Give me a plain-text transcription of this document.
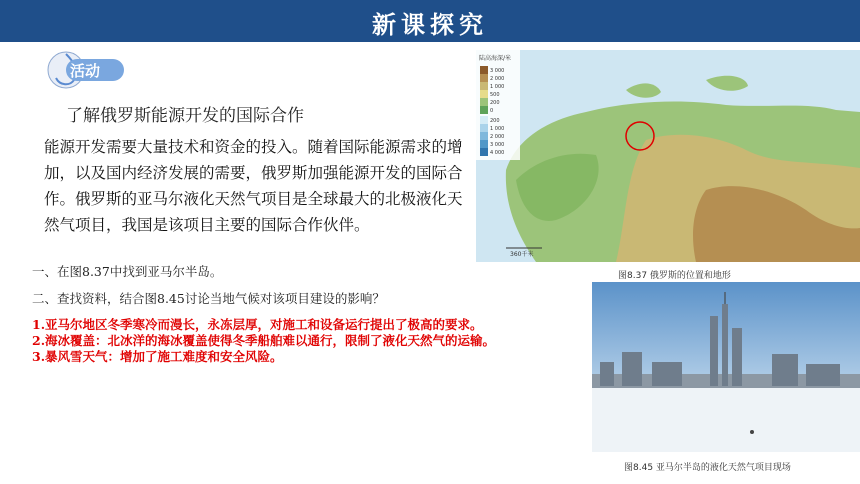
新课探究
活动
了解俄罗斯能源开发的国际合作
能源开发需要大量技术和资金的投入。随着国际能源需求的增加，以及国内经济发展的需要，俄罗斯加强能源开发的国际合作。俄罗斯的亚马尔液化天然气项目是全球最大的北极液化天然气项目，我国是该项目主要的国际合作伙伴。
一、在图8.37中找到亚马尔半岛。
二、查找资料，结合图8.45讨论当地气候对该项目建设的影响？
1.亚马尔地区冬季寒冷而漫长，永冻层厚，对施工和设备运行提出了极高的要求。
2.海冰覆盖：北冰洋的海冰覆盖使得冬季船舶难以通行，限制了液化天然气的运输。
3.暴风雪天气：增加了施工难度和安全风险。
陆高海深/米
3 000
2 000
1 000
500
200
0
200
1 000
2 000
3 000
4 000
360千米
图8.37 俄罗斯的位置和地形
图8.45 亚马尔半岛的液化天然气项目现场
